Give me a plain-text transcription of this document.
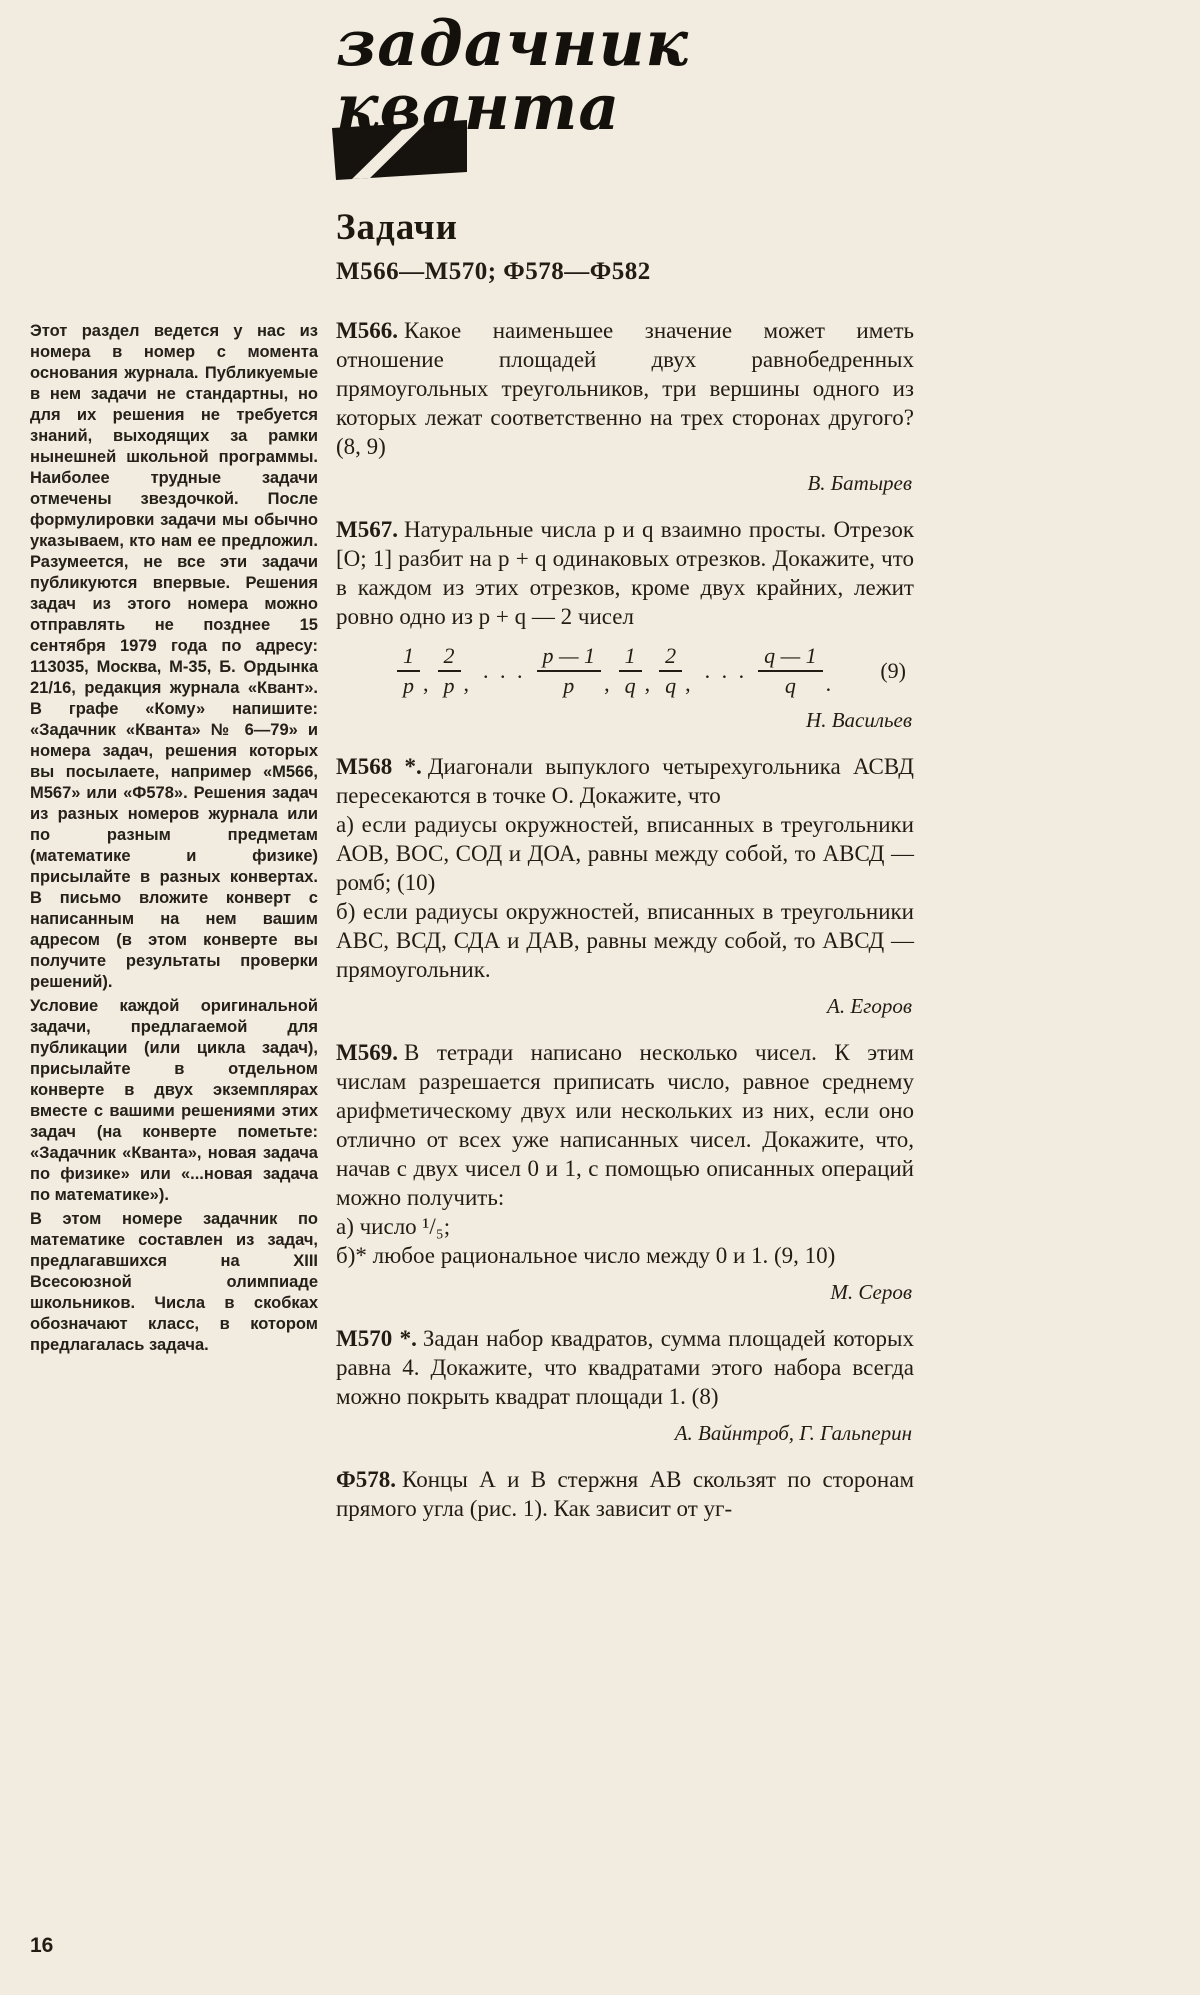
задачник
кванта
Задачи
М566—М570; Ф578—Ф582

Этот раздел ведется у нас из номера в номер с момента основания журнала. Публикуемые в нем задачи не стандартны, но для их решения не требуется знаний, выходящих за рамки нынешней школьной программы. Наиболее трудные задачи отмечены звездочкой. После формулировки задачи мы обычно указываем, кто нам ее предложил. Разумеется, не все эти задачи публикуются впервые. Решения задач из этого номера можно отправлять не позднее 15 сентября 1979 года по адресу: 113035, Москва, М-35, Б. Ордынка 21/16, редакция журнала «Квант». В графе «Кому» напишите: «Задачник «Кванта» № 6—79» и номера задач, решения которых вы посылаете, например «М566, М567» или «Ф578». Решения задач из разных номеров журнала или по разным предметам (математике и физике) присылайте в разных конвертах. В письмо вложите конверт с написанным на нем вашим адресом (в этом конверте вы получите результаты проверки решений).

Условие каждой оригинальной задачи, предлагаемой для публикации (или цикла задач), присылайте в отдельном конверте в двух экземплярах вместе с вашими решениями этих задач (на конверте пометьте: «Задачник «Кванта», новая задача по физике» или «...новая задача по математике»).

В этом номере задачник по математике составлен из задач, предлагавшихся на XIII Всесоюзной олимпиаде школьников. Числа в скобках обозначают класс, в котором предлагалась задача.

М566. Какое наименьшее значение может иметь отношение площадей двух равнобедренных прямоугольных треугольников, три вершины одного из которых лежат соответственно на трех сторонах другого? (8, 9)

В. Батырев

М567. Натуральные числа p и q взаимно просты. Отрезок [О; 1] разбит на p + q одинаковых отрезков. Докажите, что в каждом из этих отрезков, кроме двух крайних, лежит ровно одно из p + q — 2 чисел

$\frac{1}{p}$ , $\frac{2}{p}$ ,
. . . $\frac{p — 1}{p}$ , $\frac{1}{q}$ , $\frac{2}{q}$ ,
. . . $\frac{q — 1}{q}$ .
(9)
Н. Васильев

М568 *. Диагонали выпуклого четырехугольника АСВД пересекаются в точке О. Докажите, что

а) если радиусы окружностей, вписанных в треугольники АОВ, ВОС, СОД и ДОА, равны между собой, то АВСД — ромб; (10)

б) если радиусы окружностей, вписанных в треугольники АВС, ВСД, СДА и ДАВ, равны между собой, то АВСД — прямоугольник.

А. Егоров

М569. В тетради написано несколько чисел. К этим числам разрешается приписать число, равное среднему арифметическому двух или нескольких из них, если оно отлично от всех уже написанных чисел. Докажите, что, начав с двух чисел 0 и 1, с помощью описанных операций можно получить:

а) число ¹/₅;

б)* любое рациональное число между 0 и 1. (9, 10)

М. Серов

М570 *. Задан набор квадратов, сумма площадей которых равна 4. Докажите, что квадратами этого набора всегда можно покрыть квадрат площади 1. (8)

А. Вайнтроб, Г. Гальперин

Ф578. Концы А и В стержня АВ скользят по сторонам прямого угла (рис. 1). Как зависит от уг-

16
